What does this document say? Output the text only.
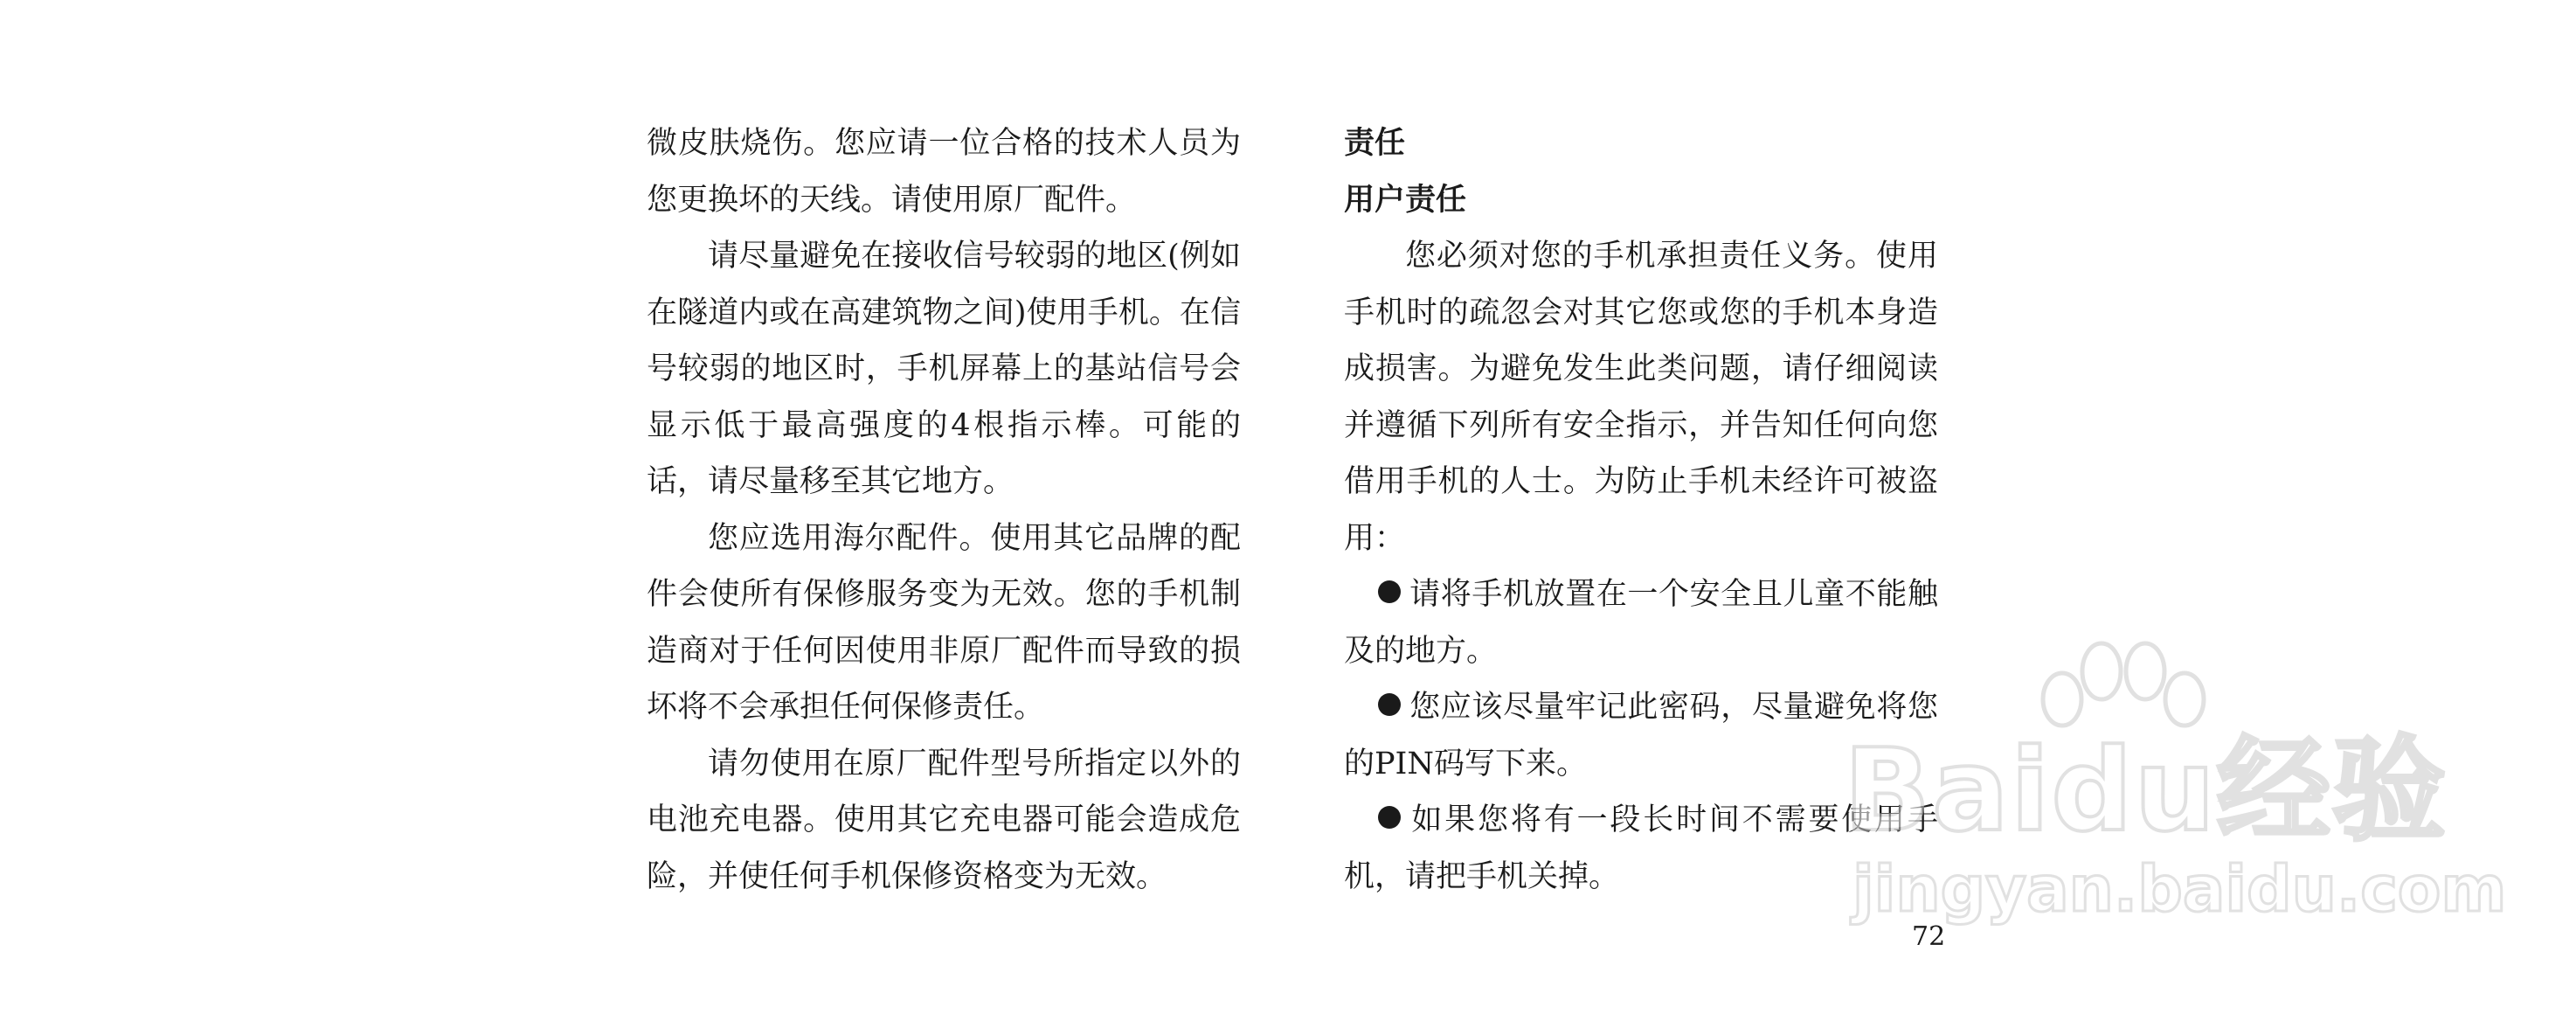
微皮肤烧伤。您应请一位合格的技术人员为您更换坏的天线。请使用原厂配件。

请尽量避免在接收信号较弱的地区(例如在隧道内或在高建筑物之间)使用手机。在信号较弱的地区时，手机屏幕上的基站信号会显示低于最高强度的4根指示棒。可能的话，请尽量移至其它地方。

您应选用海尔配件。使用其它品牌的配件会使所有保修服务变为无效。您的手机制造商对于任何因使用非原厂配件而导致的损坏将不会承担任何保修责任。

请勿使用在原厂配件型号所指定以外的电池充电器。使用其它充电器可能会造成危险，并使任何手机保修资格变为无效。

责任

用户责任

您必须对您的手机承担责任义务。使用手机时的疏忽会对其它您或您的手机本身造成损害。为避免发生此类问题，请仔细阅读并遵循下列所有安全指示，并告知任何向您借用手机的人士。为防止手机未经许可被盗用：

请将手机放置在一个安全且儿童不能触及的地方。

您应该尽量牢记此密码，尽量避免将您的PIN码写下来。

如果您将有一段长时间不需要使用手机，请把手机关掉。

72
Baidu经验
jingyan.baidu.com
